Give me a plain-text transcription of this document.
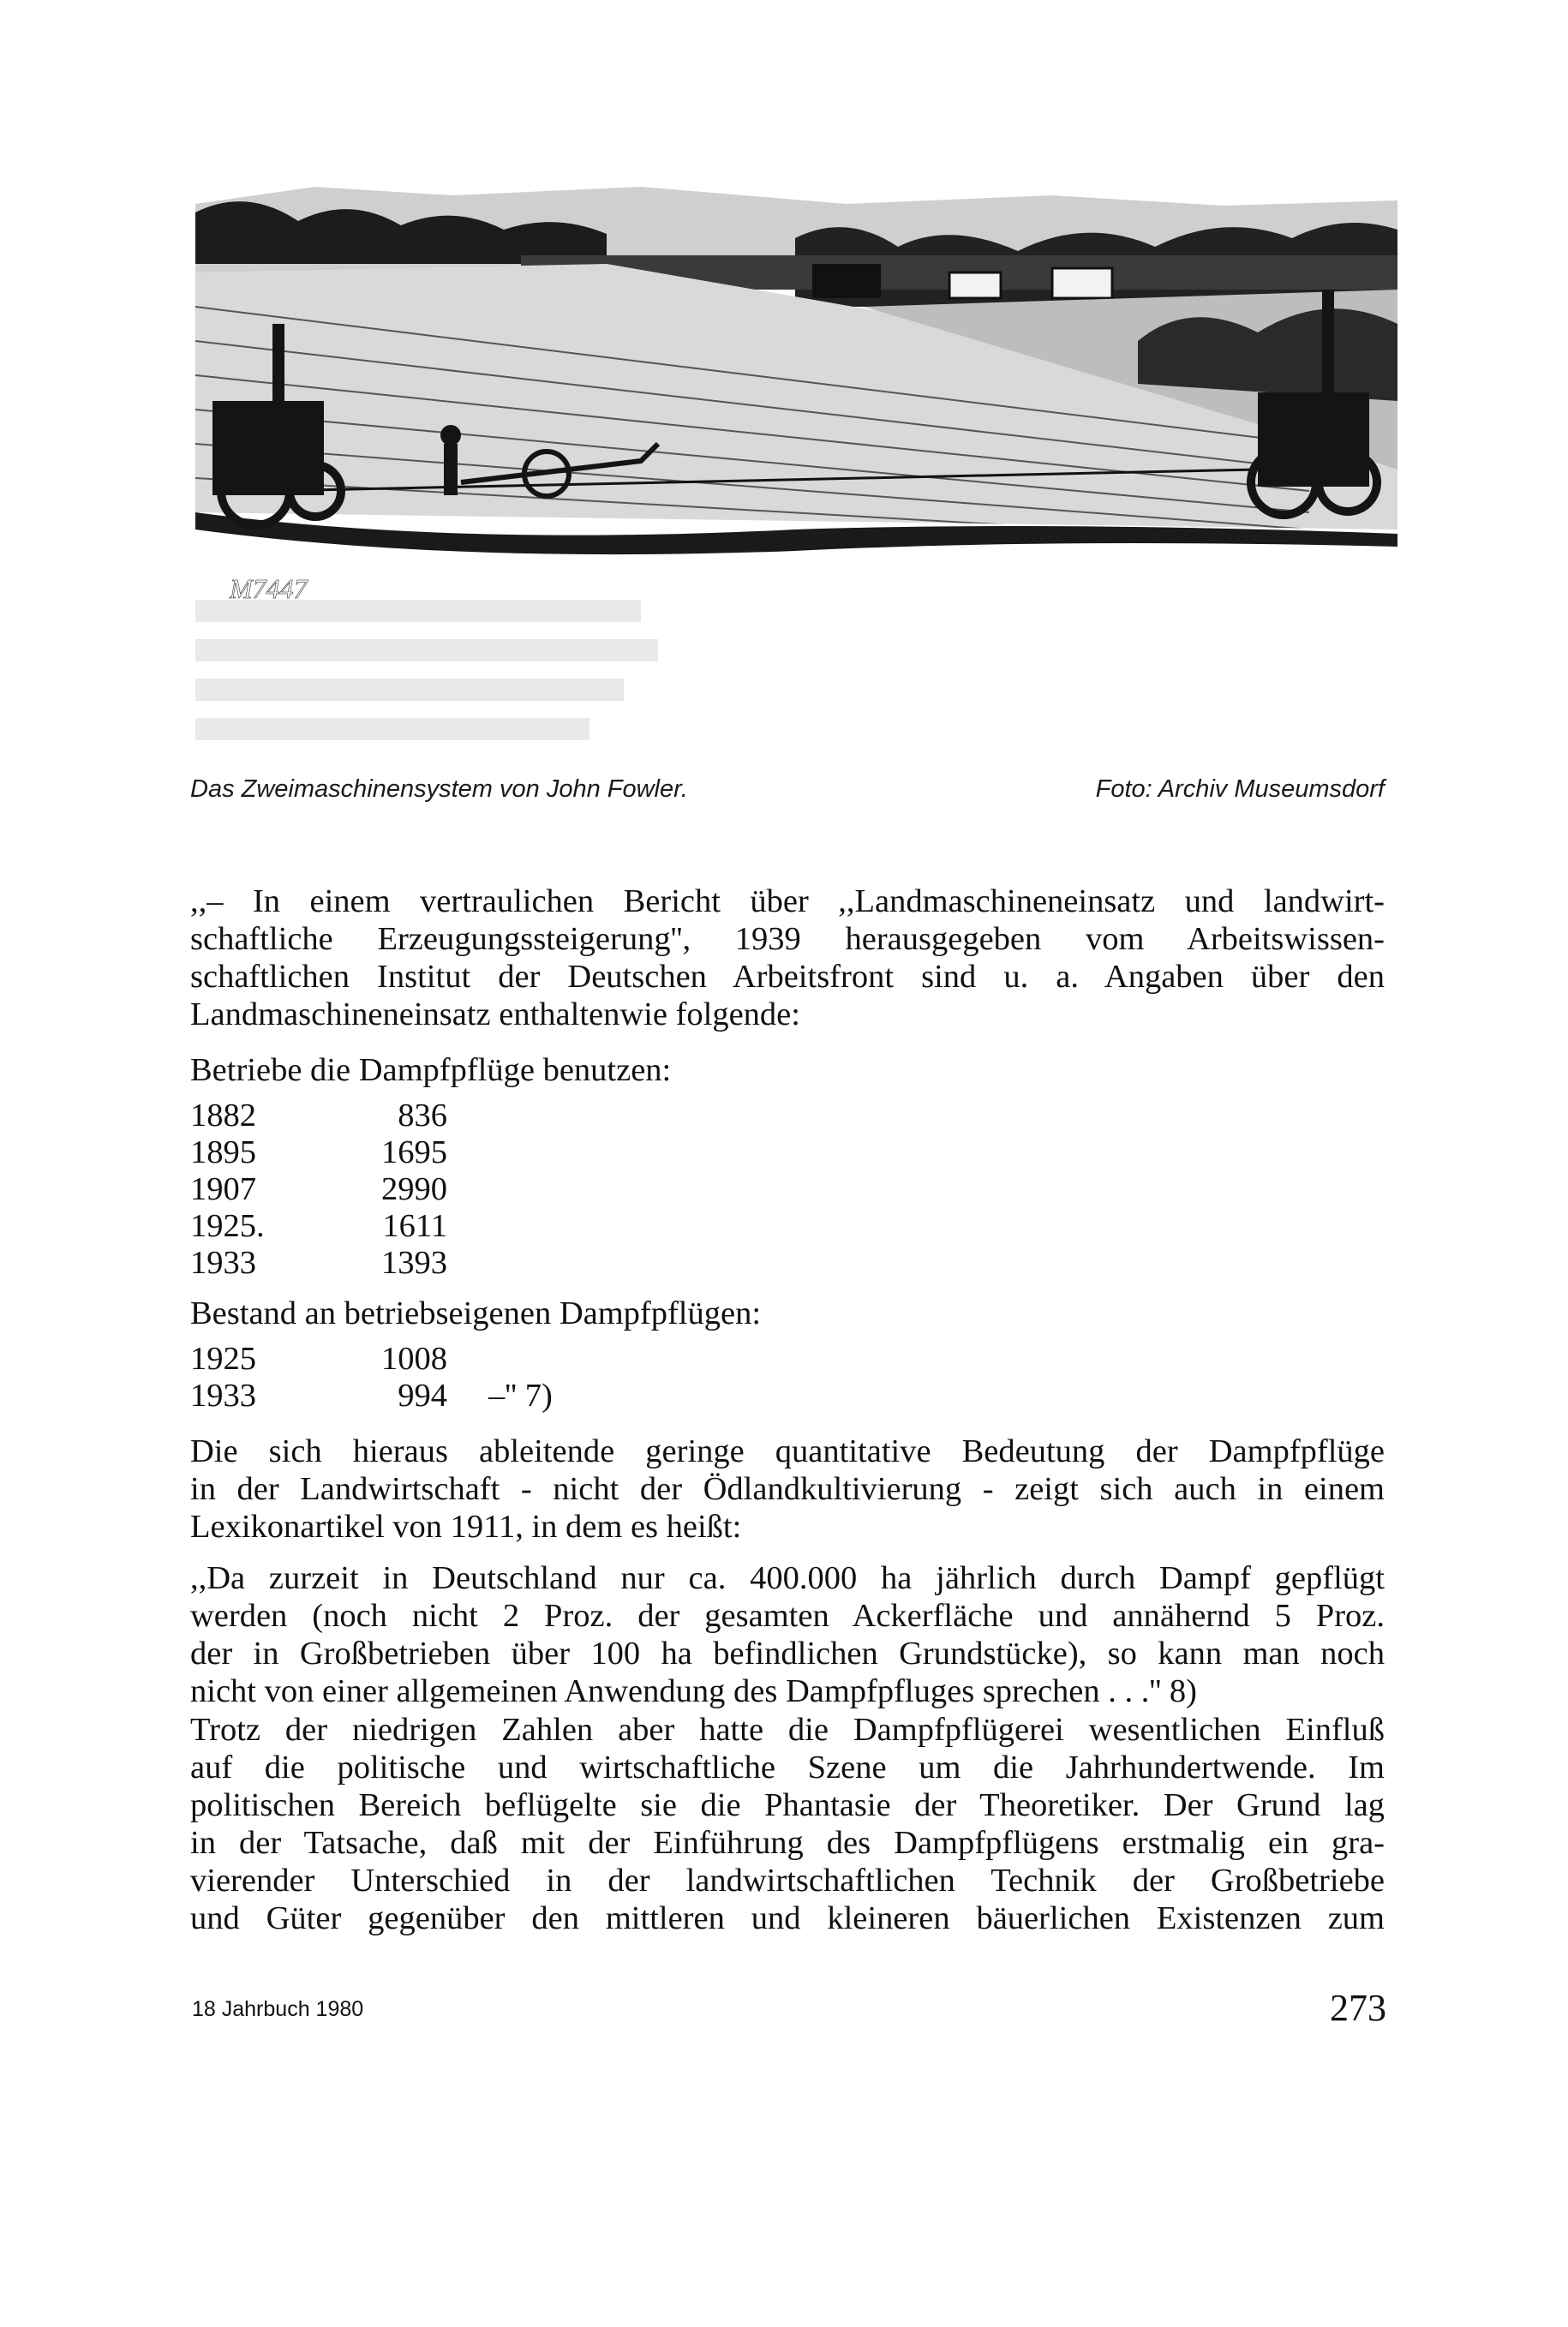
M7447
Das Zweimaschinensystem von John Fowler.	Foto: Archiv Museumsdorf
,,– In einem vertraulichen Bericht über ,,Landmaschineneinsatz und landwirt-
schaftliche Erzeugungssteigerung'', 1939 herausgegeben vom Arbeitswissen-
schaftlichen Institut der Deutschen Arbeitsfront sind u. a. Angaben über den
Landmaschineneinsatz enthaltenwie folgende:
Betriebe die Dampfpflüge benutzen:
1882	836
1895	1695
1907	2990
1925.	1611
1933	1393
Bestand an betriebseigenen Dampfpflügen:
1925	1008
1933	994 –'' 7)
Die sich hieraus ableitende geringe quantitative Bedeutung der Dampfpflüge
in der Landwirtschaft - nicht der Ödlandkultivierung - zeigt sich auch in einem
Lexikonartikel von 1911, in dem es heißt:
,,Da zurzeit in Deutschland nur ca. 400.000 ha jährlich durch Dampf gepflügt
werden (noch nicht 2 Proz. der gesamten Ackerfläche und annähernd 5 Proz.
der in Großbetrieben über 100 ha befindlichen Grundstücke), so kann man noch
nicht von einer allgemeinen Anwendung des Dampfpfluges sprechen . . .'' 8)
Trotz der niedrigen Zahlen aber hatte die Dampfpflügerei wesentlichen Einfluß
auf die politische und wirtschaftliche Szene um die Jahrhundertwende. Im
politischen Bereich beflügelte sie die Phantasie der Theoretiker. Der Grund lag
in der Tatsache, daß mit der Einführung des Dampfpflügens erstmalig ein gra-
vierender Unterschied in der landwirtschaftlichen Technik der Großbetriebe
und Güter gegenüber den mittleren und kleineren bäuerlichen Existenzen zum
18 Jahrbuch 1980	273
